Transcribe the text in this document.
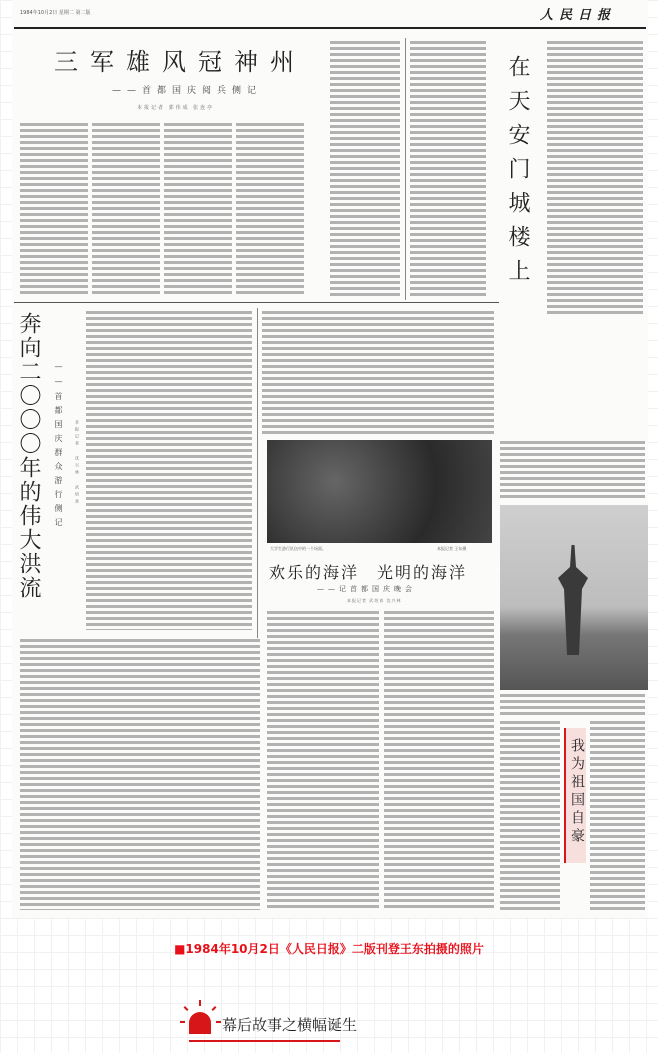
1984年10月2日 星期二 第二版	人民日报
三军雄风冠神州
——首都国庆阅兵侧记
本报记者 郭伟成 张连亭	在天安门城楼上
奔向二〇〇〇年的伟大洪流 ——首都国庆群众游行侧记	本报记者 沈兴林 武培真
大学生游行队伍中的一个场面。	本报记者 王东摄
欢乐的海洋　光明的海洋
——记首都国庆晚会
本报记者 武培真 沈兴林
我为祖国自豪
■1984年10月2日《人民日报》二版刊登王东拍摄的照片
幕后故事之横幅诞生
